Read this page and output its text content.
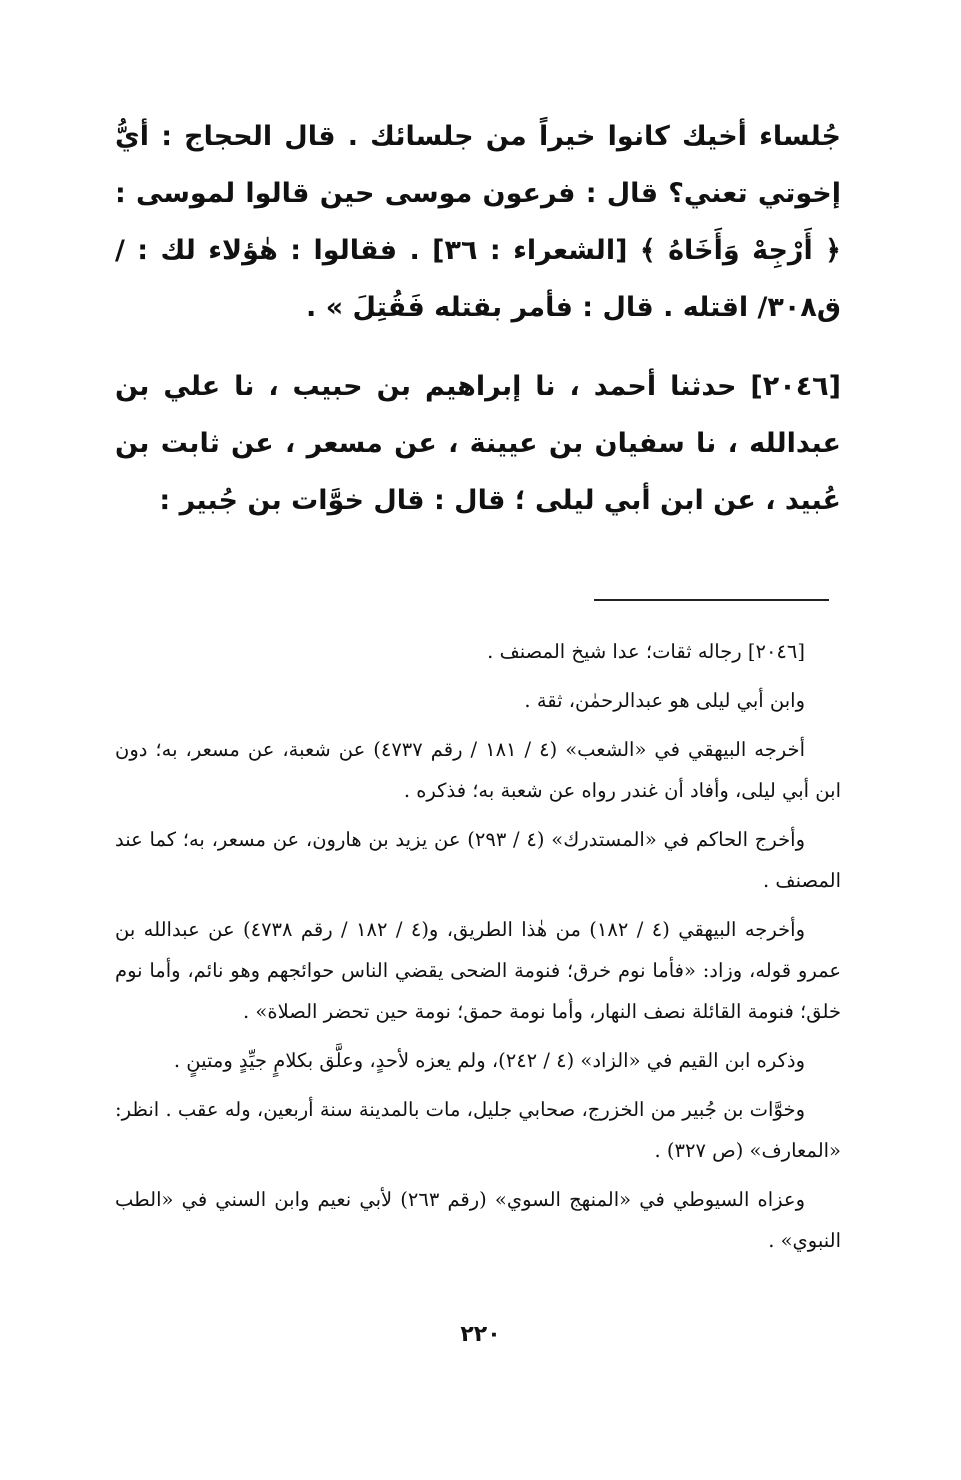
جُلساء أخيك كانوا خيراً من جلسائك . قال الحجاج : أيُّ إخوتي تعني؟ قال : فرعون موسى حين قالوا لموسى : ﴿ أَرْجِهْ وَأَخَاهُ ﴾ [الشعراء : ٣٦] . فقالوا : هٰؤلاء لك : / ق٣٠٨/ اقتله . قال : فأمر بقتله فَقُتِلَ » .

[٢٠٤٦] حدثنا أحمد ، نا إبراهيم بن حبيب ، نا علي بن عبدالله ، نا سفيان بن عيينة ، عن مسعر ، عن ثابت بن عُبيد ، عن ابن أبي ليلى ؛ قال : قال خوَّات بن جُبير :

[٢٠٤٦] رجاله ثقات؛ عدا شيخ المصنف .

وابن أبي ليلى هو عبدالرحمٰن، ثقة .

أخرجه البيهقي في «الشعب» (٤ / ١٨١ / رقم ٤٧٣٧) عن شعبة، عن مسعر، به؛ دون ابن أبي ليلى، وأفاد أن غندر رواه عن شعبة به؛ فذكره .

وأخرج الحاكم في «المستدرك» (٤ / ٢٩٣) عن يزيد بن هارون، عن مسعر، به؛ كما عند المصنف .

وأخرجه البيهقي (٤ / ١٨٢) من هٰذا الطريق، و(٤ / ١٨٢ / رقم ٤٧٣٨) عن عبدالله بن عمرو قوله، وزاد: «فأما نوم خرق؛ فنومة الضحى يقضي الناس حوائجهم وهو نائم، وأما نوم خلق؛ فنومة القائلة نصف النهار، وأما نومة حمق؛ نومة حين تحضر الصلاة» .

وذكره ابن القيم في «الزاد» (٤ / ٢٤٢)، ولم يعزه لأحدٍ، وعلَّق بكلامٍ جيِّدٍ ومتينٍ .

وخوَّات بن جُبير من الخزرج، صحابي جليل، مات بالمدينة سنة أربعين، وله عقب . انظر: «المعارف» (ص ٣٢٧) .

وعزاه السيوطي في «المنهج السوي» (رقم ٢٦٣) لأبي نعيم وابن السني في «الطب النبوي» .

٢٢٠
